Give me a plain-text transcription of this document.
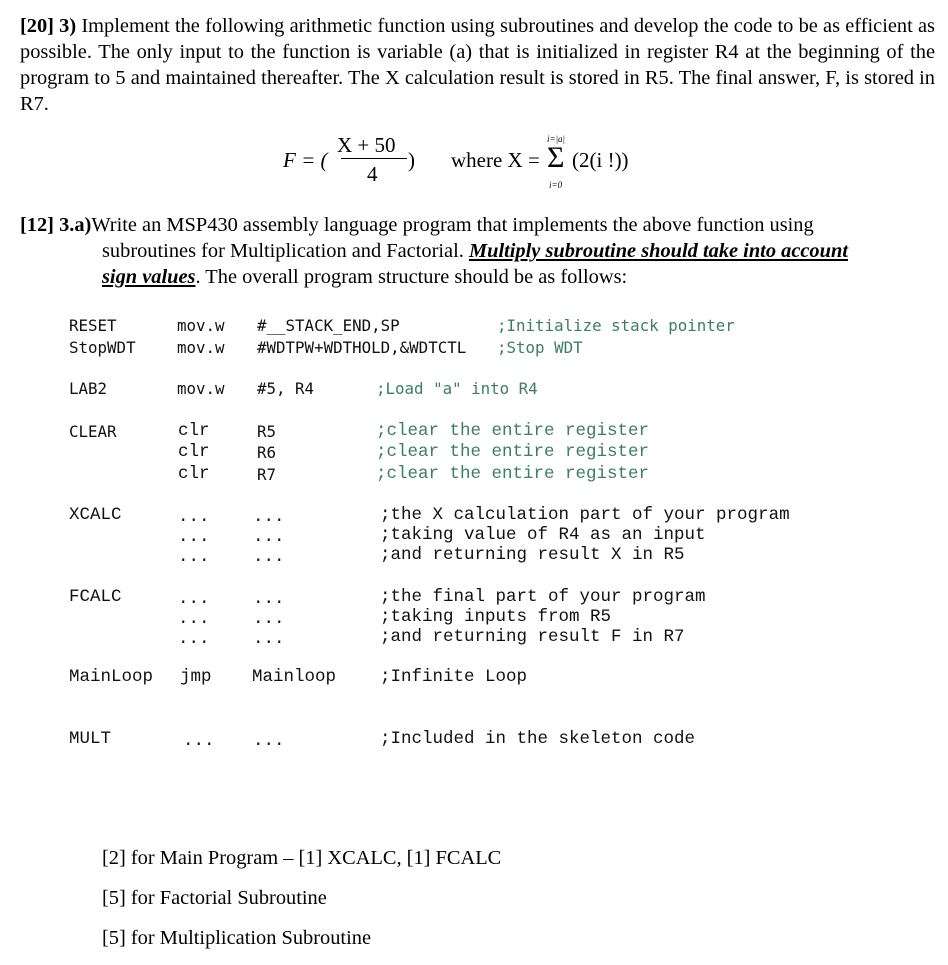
[20] 3) Implement the following arithmetic function using subroutines and develop the code to be as efficient as possible. The only input to the function is variable (a) that is initialized in register R4 at the beginning of the program to 5 and maintained thereafter. The X calculation result is stored in R5. The final answer, F, is stored in R7.
F = (
X + 50
4
) where X =
i=|a|
Σ
i=0
(2(i !))
[12] 3.a)Write an MSP430 assembly language program that implements the above function using
subroutines for Multiplication and Factorial. Multiply subroutine should take into account
sign values. The overall program structure should be as follows:
RESET	mov.w #__STACK_END,SP	;Initialize stack pointer
StopWDT	mov.w #WDTPW+WDTHOLD,&WDTCTL ;Stop WDT
LAB2	mov.w #5, R4	;Load "a" into R4
CLEAR	clr	R5	;clear the entire register
clr	R6	;clear the entire register
clr	R7	;clear the entire register
XCALC	... ...	;the X calculation part of your program
... ...	;taking value of R4 as an input
... ...	;and returning result X in R5
FCALC	... ...	;the final part of your program
... ...	;taking inputs from R5
... ...	;and returning result F in R7
MainLoop jmp Mainloop	;Infinite Loop
MULT	... ...	;Included in the skeleton code
[2] for Main Program – [1] XCALC, [1] FCALC
[5] for Factorial Subroutine
[5] for Multiplication Subroutine
